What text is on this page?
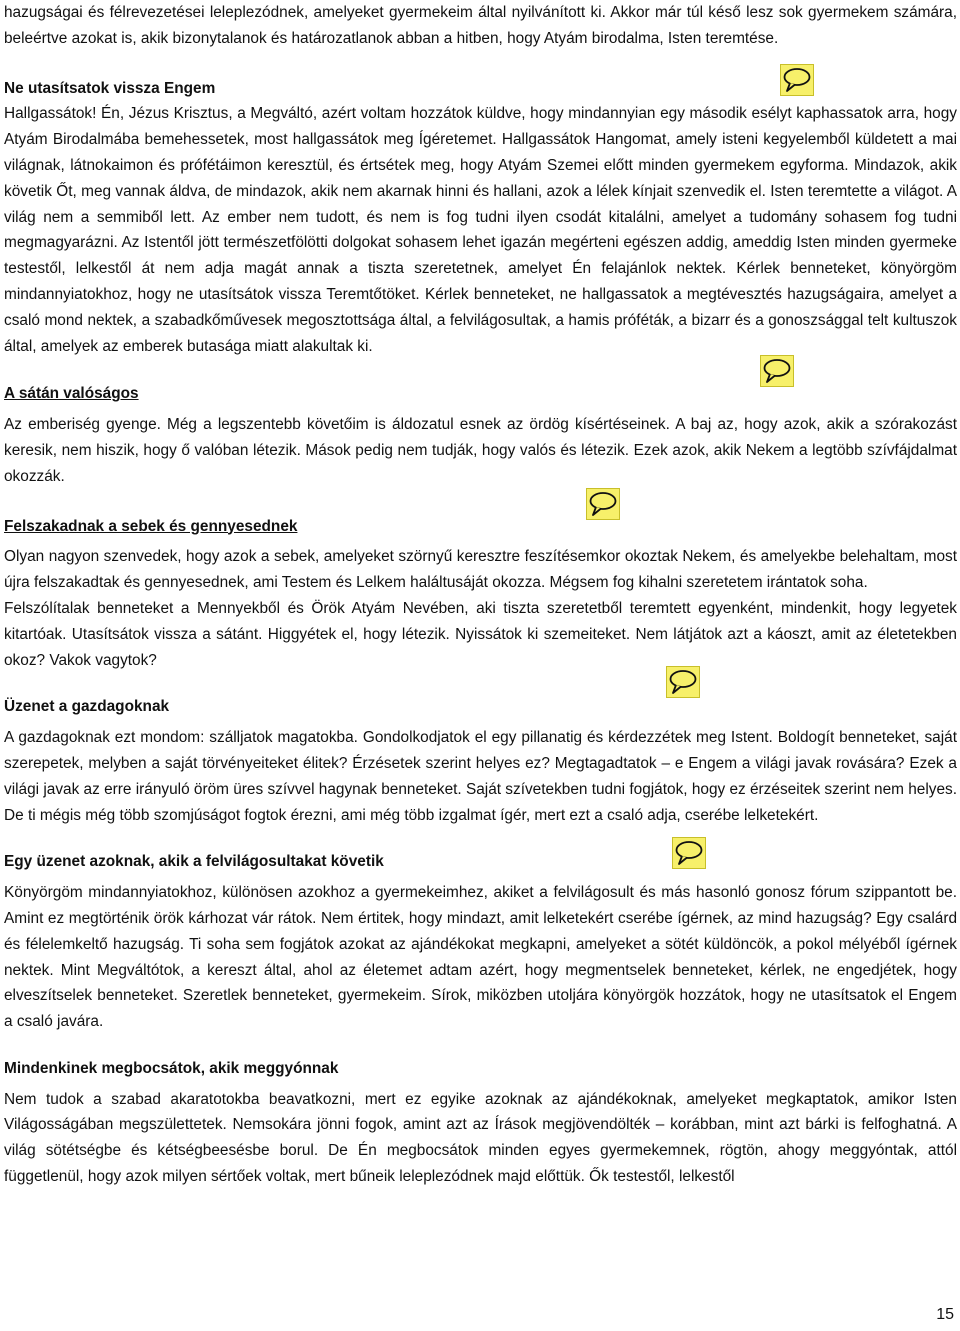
hazugságai és félrevezetései leleplezódnek, amelyeket gyermekeim által nyilvánított ki. Akkor már túl késő lesz sok gyermekem számára, beleértve azokat is, akik bizonytalanok és határozatlanok abban a hitben, hogy Atyám birodalma, Isten teremtése.

Ne utasítsatok vissza Engem

Hallgassátok! Én, Jézus Krisztus, a Megváltó, azért voltam hozzátok küldve, hogy mindannyian egy második esélyt kaphassatok arra, hogy Atyám Birodalmába bemehessetek, most hallgassátok meg Ígéretemet. Hallgassátok Hangomat, amely isteni kegyelemből küldetett a mai világnak, látnokaimon és prófétáimon keresztül, és értsétek meg, hogy Atyám Szemei előtt minden gyermekem egyforma. Mindazok, akik követik Őt, meg vannak áldva, de mindazok, akik nem akarnak hinni és hallani, azok a lélek kínjait szenvedik el. Isten teremtette a világot. A világ nem a semmiből lett. Az ember nem tudott, és nem is fog tudni ilyen csodát kitalálni, amelyet a tudomány sohasem fog tudni megmagyarázni. Az Istentől jött természetfölötti dolgokat sohasem lehet igazán megérteni egészen addig, ameddig Isten minden gyermeke testestől, lelkestől át nem adja magát annak a tiszta szeretetnek, amelyet Én felajánlok nektek. Kérlek benneteket, könyörgöm mindannyiatokhoz, hogy ne utasítsátok vissza Teremtőtöket. Kérlek benneteket, ne hallgassatok a megtévesztés hazugságaira, amelyet a csaló mond nektek, a szabadkőművesek megosztottsága által, a felvilágosultak, a hamis próféták, a bizarr és a gonoszsággal telt kultuszok által, amelyek az emberek butasága miatt alakultak ki.

A sátán valóságos

Az emberiség gyenge. Még a legszentebb követőim is áldozatul esnek az ördög kísértéseinek. A baj az, hogy azok, akik a szórakozást keresik, nem hiszik, hogy ő valóban létezik. Mások pedig nem tudják, hogy valós és létezik. Ezek azok, akik Nekem a legtöbb szívfájdalmat okozzák.

Felszakadnak a sebek és gennyesednek

Olyan nagyon szenvedek, hogy azok a sebek, amelyeket szörnyű keresztre feszítésemkor okoztak Nekem, és amelyekbe belehaltam, most újra felszakadtak és gennyesednek, ami Testem és Lelkem haláltusáját okozza. Mégsem fog kihalni szeretetem irántatok soha.

Felszólítalak benneteket a Mennyekből és Örök Atyám Nevében, aki tiszta szeretetből teremtett egyenként, mindenkit, hogy legyetek kitartóak. Utasítsátok vissza a sátánt. Higgyétek el, hogy létezik. Nyissátok ki szemeiteket. Nem látjátok azt a káoszt, amit az életetekben okoz? Vakok vagytok?

Üzenet a gazdagoknak

A gazdagoknak ezt mondom: szálljatok magatokba. Gondolkodjatok el egy pillanatig és kérdezzétek meg Istent. Boldogít benneteket, saját szerepetek, melyben a saját törvényeiteket élitek? Érzésetek szerint helyes ez? Megtagadtatok – e Engem a világi javak rovására? Ezek a világi javak az erre irányuló öröm üres szívvel hagynak benneteket. Saját szívetekben tudni fogjátok, hogy ez érzéseitek szerint nem helyes. De ti mégis még több szomjúságot fogtok érezni, ami még több izgalmat ígér, mert ezt a csaló adja, cserébe lelketekért.

Egy üzenet azoknak, akik a felvilágosultakat követik

Könyörgöm mindannyiatokhoz, különösen azokhoz a gyermekeimhez, akiket a felvilágosult és más hasonló gonosz fórum szippantott be. Amint ez megtörténik örök kárhozat vár rátok. Nem értitek, hogy mindazt, amit lelketekért cserébe ígérnek, az mind hazugság? Egy csalárd és félelemkeltő hazugság. Ti soha sem fogjátok azokat az ajándékokat megkapni, amelyeket a sötét küldöncök, a pokol mélyéből ígérnek nektek. Mint Megváltótok, a kereszt által, ahol az életemet adtam azért, hogy megmentselek benneteket, kérlek, ne engedjétek, hogy elveszítselek benneteket. Szeretlek benneteket, gyermekeim. Sírok, miközben utoljára könyörgök hozzátok, hogy ne utasítsatok el Engem a csaló javára.

Mindenkinek megbocsátok, akik meggyónnak

Nem tudok a szabad akaratotokba beavatkozni, mert ez egyike azoknak az ajándékoknak, amelyeket megkaptatok, amikor Isten Világosságában megszülettetek. Nemsokára jönni fogok, amint azt az Írások megjövendölték – korábban, mint azt bárki is felfoghatná. A világ sötétségbe és kétségbeesésbe borul. De Én megbocsátok minden egyes gyermekemnek, rögtön, ahogy meggyóntak, attól függetlenül, hogy azok milyen sértőek voltak, mert bűneik leleplezódnek majd előttük. Ők testestől, lelkestől

15
